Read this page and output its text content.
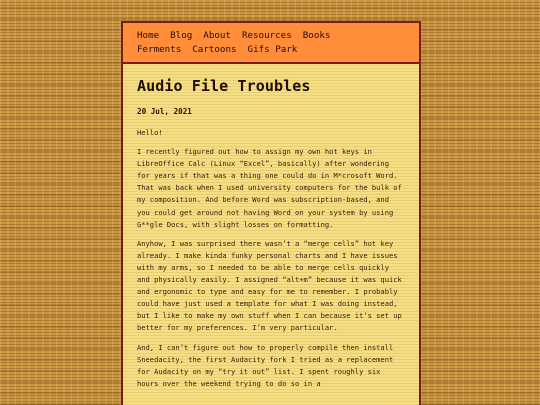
Home Blog About Resources Books
Ferments Cartoons Gifs Park
Audio File Troubles
20 Jul, 2021

Hello!

I recently figured out how to assign my own hot keys in LibreOffice Calc (Linux “Excel”, basically) after wondering for years if that was a thing one could do in M*crosoft Word. That was back when I used university computers for the bulk of my composition. And before Word was subscription-based, and you could get around not having Word on your system by using G**gle Docs, with slight losses on formatting.

Anyhow, I was surprised there wasn’t a “merge cells” hot key already. I make kinda funky personal charts and I have issues with my arms, so I needed to be able to merge cells quickly and physically easily. I assigned “alt+m” because it was quick and ergonomic to type and easy for me to remember. I probably could have just used a template for what I was doing instead, but I like to make my own stuff when I can because it’s set up better for my preferences. I’m very particular.

And, I can’t figure out how to properly compile then install Sneedacity, the first Audacity fork I tried as a replacement for Audacity on my “try it out” list. I spent roughly six hours over the weekend trying to do so in a
